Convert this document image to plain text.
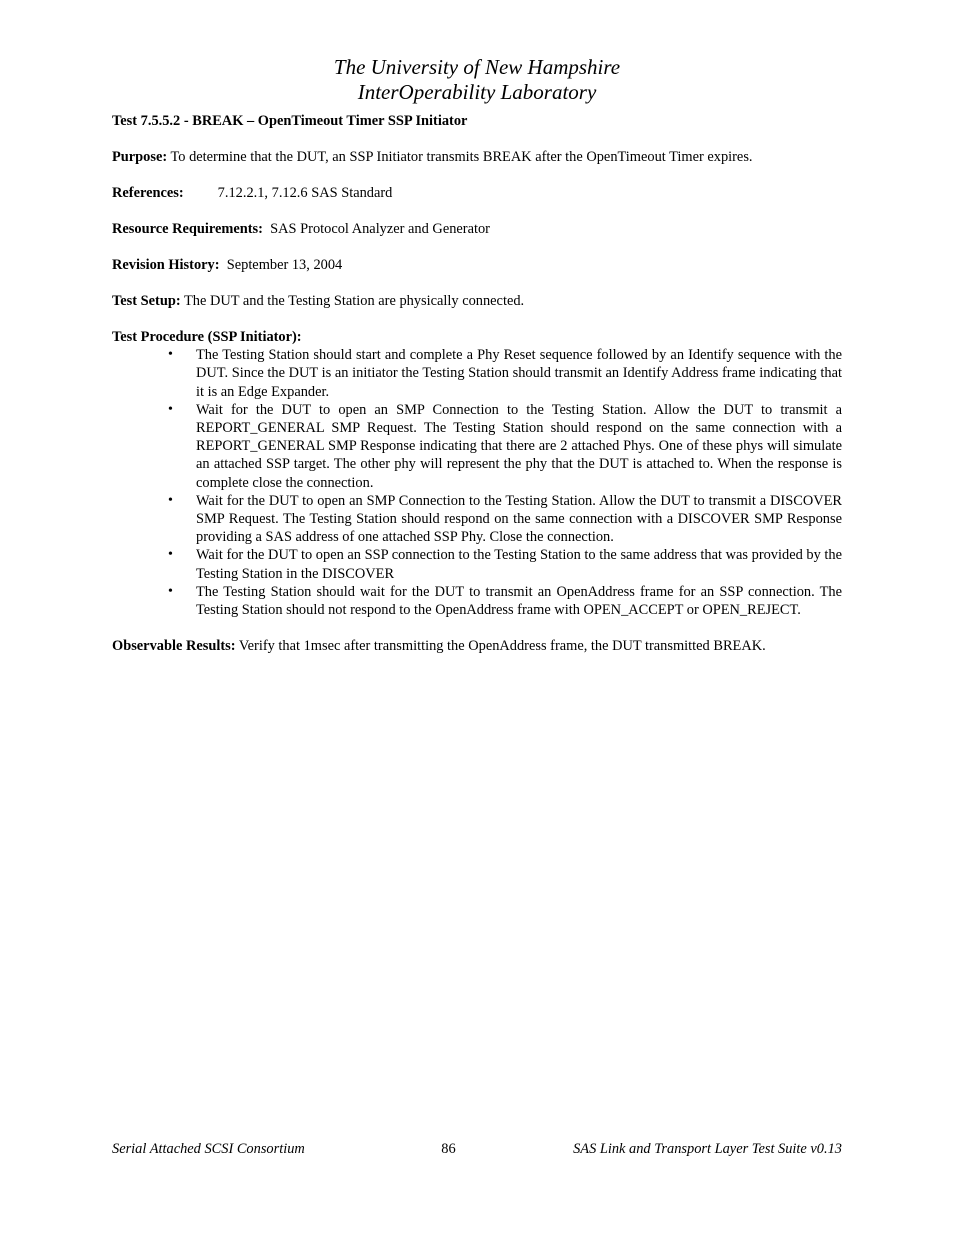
The University of New Hampshire
InterOperability Laboratory

Test 7.5.5.2 - BREAK – OpenTimeout Timer SSP Initiator

Purpose: To determine that the DUT, an SSP Initiator transmits BREAK after the OpenTimeout Timer expires.

References: 7.12.2.1, 7.12.6 SAS Standard

Resource Requirements:  SAS Protocol Analyzer and Generator

Revision History:  September 13, 2004

Test Setup: The DUT and the Testing Station are physically connected.

Test Procedure (SSP Initiator):
• The Testing Station should start and complete a Phy Reset sequence followed by an Identify sequence with the DUT. Since the DUT is an initiator the Testing Station should transmit an Identify Address frame indicating that it is an Edge Expander.
• Wait for the DUT to open an SMP Connection to the Testing Station. Allow the DUT to transmit a REPORT_GENERAL SMP Request. The Testing Station should respond on the same connection with a REPORT_GENERAL SMP Response indicating that there are 2 attached Phys. One of these phys will simulate an attached SSP target. The other phy will represent the phy that the DUT is attached to. When the response is complete close the connection.
• Wait for the DUT to open an SMP Connection to the Testing Station. Allow the DUT to transmit a DISCOVER SMP Request. The Testing Station should respond on the same connection with a DISCOVER SMP Response providing a SAS address of one attached SSP Phy. Close the connection.
• Wait for the DUT to open an SSP connection to the Testing Station to the same address that was provided by the Testing Station in the DISCOVER
• The Testing Station should wait for the DUT to transmit an OpenAddress frame for an SSP connection. The Testing Station should not respond to the OpenAddress frame with OPEN_ACCEPT or OPEN_REJECT.

Observable Results: Verify that 1msec after transmitting the OpenAddress frame, the DUT transmitted BREAK.

Serial Attached SCSI Consortium	86	SAS Link and Transport Layer Test Suite v0.13
